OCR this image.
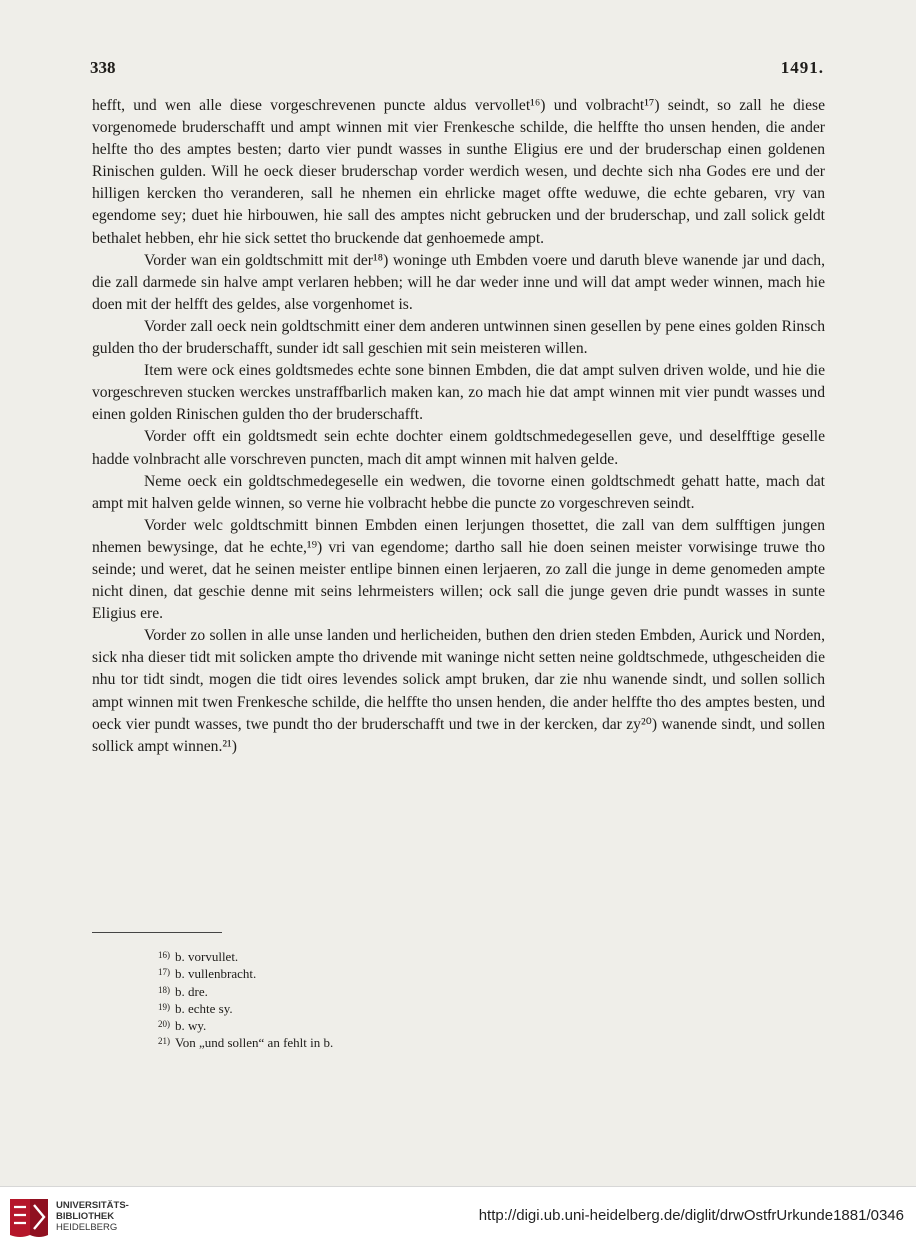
338	1491.

hefft, und wen alle diese vorgeschrevenen puncte aldus vervollet¹⁶) und volbracht¹⁷) seindt, so zall he diese vorgenomede bruderschafft und ampt winnen mit vier Frenkesche schilde, die helffte tho unsen henden, die ander helfte tho des amptes besten; darto vier pundt wasses in sunthe Eligius ere und der bruderschap einen goldenen Rinischen gulden. Will he oeck dieser bruderschap vorder werdich wesen, und dechte sich nha Godes ere und der hilligen kercken tho veranderen, sall he nhemen ein ehrlicke maget offte weduwe, die echte gebaren, vry van egendome sey; duet hie hirbouwen, hie sall des amptes nicht gebrucken und der bruderschap, und zall solick geldt bethalet hebben, ehr hie sick settet tho bruckende dat genhoemede ampt.

Vorder wan ein goldtschmitt mit der¹⁸) woninge uth Embden voere und daruth bleve wanende jar und dach, die zall darmede sin halve ampt verlaren hebben; will he dar weder inne und will dat ampt weder winnen, mach hie doen mit der helfft des geldes, alse vorgenhomet is.

Vorder zall oeck nein goldtschmitt einer dem anderen untwinnen sinen gesellen by pene eines golden Rinsch gulden tho der bruderschafft, sunder idt sall geschien mit sein meisteren willen.

Item were ock eines goldtsmedes echte sone binnen Embden, die dat ampt sulven driven wolde, und hie die vorgeschreven stucken werckes unstraffbarlich maken kan, zo mach hie dat ampt winnen mit vier pundt wasses und einen golden Rinischen gulden tho der bruderschafft.

Vorder offt ein goldtsmedt sein echte dochter einem goldtschmedegesellen geve, und deselfftige geselle hadde volnbracht alle vorschreven puncten, mach dit ampt winnen mit halven gelde.

Neme oeck ein goldtschmedegeselle ein wedwen, die tovorne einen goldtschmedt gehatt hatte, mach dat ampt mit halven gelde winnen, so verne hie volbracht hebbe die puncte zo vorgeschreven seindt.

Vorder welc goldtschmitt binnen Embden einen lerjungen thosettet, die zall van dem sulfftigen jungen nhemen bewysinge, dat he echte,¹⁹) vri van egendome; dartho sall hie doen seinen meister vorwisinge truwe tho seinde; und weret, dat he seinen meister entlipe binnen einen lerjaeren, zo zall die junge in deme genomeden ampte nicht dinen, dat geschie denne mit seins lehrmeisters willen; ock sall die junge geven drie pundt wasses in sunte Eligius ere.

Vorder zo sollen in alle unse landen und herlicheiden, buthen den drien steden Embden, Aurick und Norden, sick nha dieser tidt mit solicken ampte tho drivende mit waninge nicht setten neine goldtschmede, uthgescheiden die nhu tor tidt sindt, mogen die tidt oires levendes solick ampt bruken, dar zie nhu wanende sindt, und sollen sollich ampt winnen mit twen Frenkesche schilde, die helffte tho unsen henden, die ander helffte tho des amptes besten, und oeck vier pundt wasses, twe pundt tho der bruderschafft und twe in der kercken, dar zy²⁰) wanende sindt, und sollen sollick ampt winnen.²¹)

16) b. vorvullet.
17) b. vullenbracht.
18) b. dre.
19) b. echte sy.
20) b. wy.
21) Von „und sollen“ an fehlt in b.
UNIVERSITÄTS-
BIBLIOTHEK
HEIDELBERG
http://digi.ub.uni-heidelberg.de/diglit/drwOstfrUrkunde1881/0346
